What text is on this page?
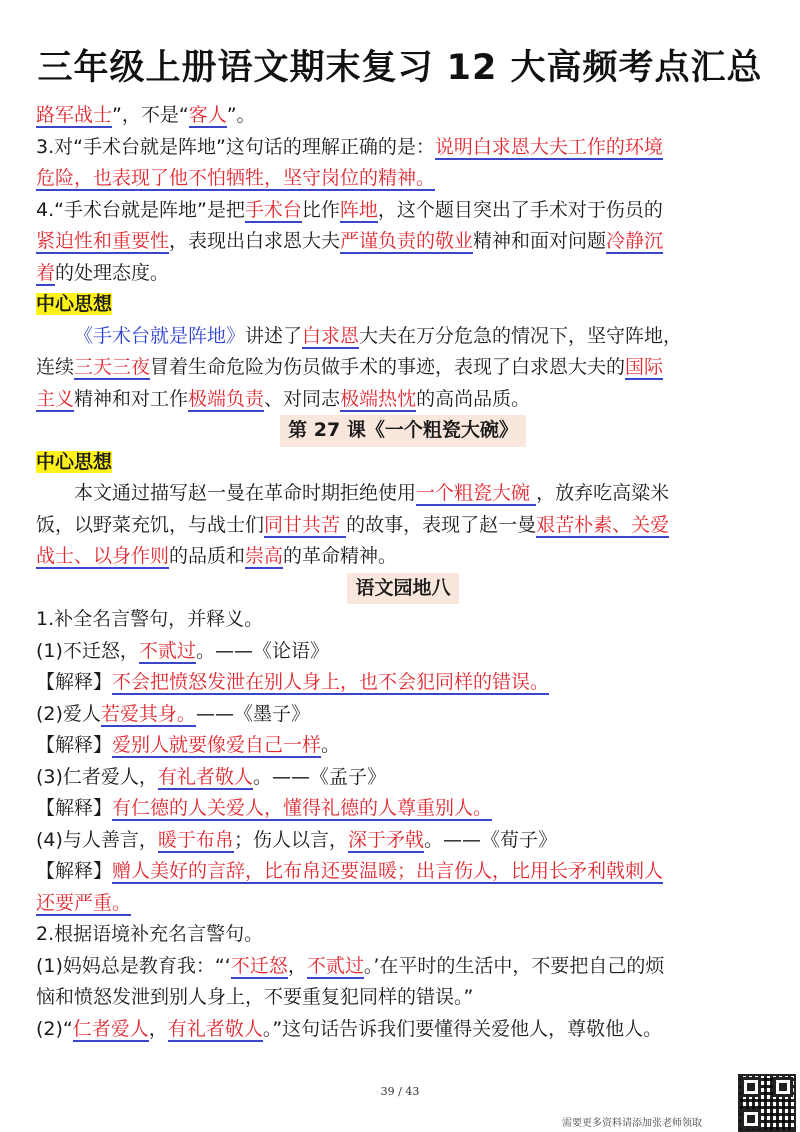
三年级上册语文期末复习 12 大高频考点汇总
路军战士”，不是“客人”。
3.对“手术台就是阵地”这句话的理解正确的是：说明白求恩大夫工作的环境
危险，也表现了他不怕牺牲，坚守岗位的精神。
4.“手术台就是阵地”是把手术台比作阵地，这个题目突出了手术对于伤员的
紧迫性和重要性，表现出白求恩大夫严谨负责的敬业精神和面对问题冷静沉
着的处理态度。
中心思想
《手术台就是阵地》讲述了白求恩大夫在万分危急的情况下，坚守阵地，
连续三天三夜冒着生命危险为伤员做手术的事迹，表现了白求恩大夫的国际
主义精神和对工作极端负责、对同志极端热忱的高尚品质。
第 27 课《一个粗瓷大碗》
中心思想
本文通过描写赵一曼在革命时期拒绝使用一个粗瓷大碗 ，放弃吃高粱米
饭，以野菜充饥，与战士们同甘共苦 的故事，表现了赵一曼艰苦朴素、关爱
战士、以身作则的品质和崇高的革命精神。
语文园地八
1.补全名言警句，并释义。
(1)不迁怒，不贰过。——《论语》
【解释】不会把愤怒发泄在别人身上，也不会犯同样的错误。
(2)爱人若爱其身。——《墨子》
【解释】爱别人就要像爱自己一样。
(3)仁者爱人，有礼者敬人。——《孟子》
【解释】有仁德的人关爱人，懂得礼德的人尊重别人。
(4)与人善言，暖于布帛；伤人以言，深于矛戟。——《荀子》
【解释】赠人美好的言辞，比布帛还要温暖；出言伤人，比用长矛利戟刺人
还要严重。
2.根据语境补充名言警句。
(1)妈妈总是教育我：“‘不迁怒，不贰过。’在平时的生活中，不要把自己的烦
恼和愤怒发泄到别人身上，不要重复犯同样的错误。”
(2)“仁者爱人，有礼者敬人。”这句话告诉我们要懂得关爱他人，尊敬他人。
39 / 43
需要更多资料请添加张老师领取
